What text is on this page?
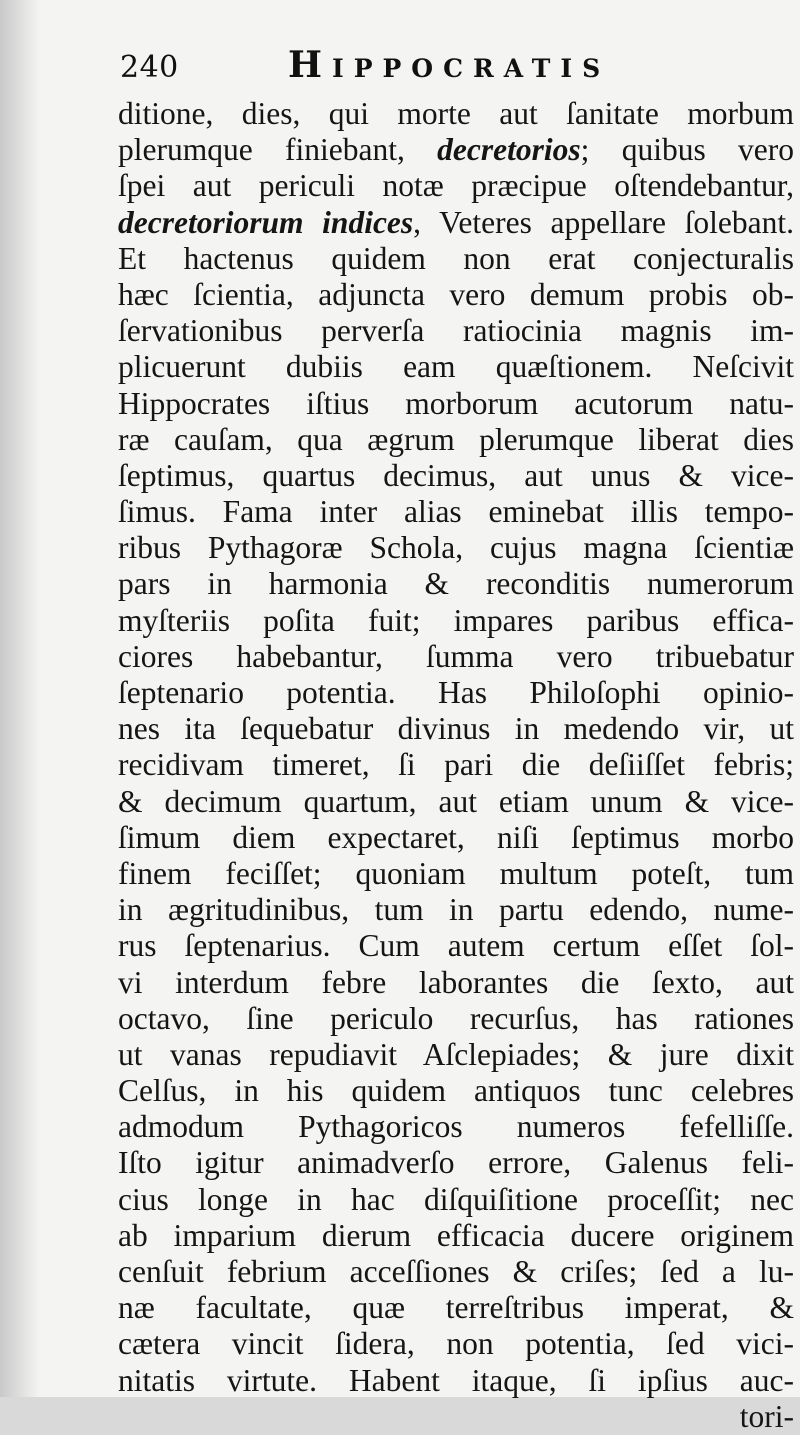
240	Hippocratis
ditione, dies, qui morte aut ſanitate morbum
plerumque finiebant, decretorios; quibus vero
ſpei aut periculi notæ præcipue oſtendebantur,
decretoriorum indices, Veteres appellare ſolebant.
Et hactenus quidem non erat conjecturalis
hæc ſcientia, adjuncta vero demum probis ob-
ſervationibus perverſa ratiocinia magnis im-
plicuerunt dubiis eam quæſtionem. Neſcivit
Hippocrates iſtius morborum acutorum natu-
ræ cauſam, qua ægrum plerumque liberat dies
ſeptimus, quartus decimus, aut unus & vice-
ſimus. Fama inter alias eminebat illis tempo-
ribus Pythagoræ Schola, cujus magna ſcientiæ
pars in harmonia & reconditis numerorum
myſteriis poſita fuit; impares paribus effica-
ciores habebantur, ſumma vero tribuebatur
ſeptenario potentia. Has Philoſophi opinio-
nes ita ſequebatur divinus in medendo vir, ut
recidivam timeret, ſi pari die deſiiſſet febris;
& decimum quartum, aut etiam unum & vice-
ſimum diem expectaret, niſi ſeptimus morbo
finem feciſſet; quoniam multum poteſt, tum
in ægritudinibus, tum in partu edendo, nume-
rus ſeptenarius. Cum autem certum eſſet ſol-
vi interdum febre laborantes die ſexto, aut
octavo, ſine periculo recurſus, has rationes
ut vanas repudiavit Aſclepiades; & jure dixit
Celſus, in his quidem antiquos tunc celebres
admodum Pythagoricos numeros fefelliſſe.
Iſto igitur animadverſo errore, Galenus feli-
cius longe in hac diſquiſitione proceſſit; nec
ab imparium dierum efficacia ducere originem
cenſuit febrium acceſſiones & criſes; ſed a lu-
næ facultate, quæ terreſtribus imperat, &
cætera vincit ſidera, non potentia, ſed vici-
nitatis virtute. Habent itaque, ſi ipſius auc-
tori-
